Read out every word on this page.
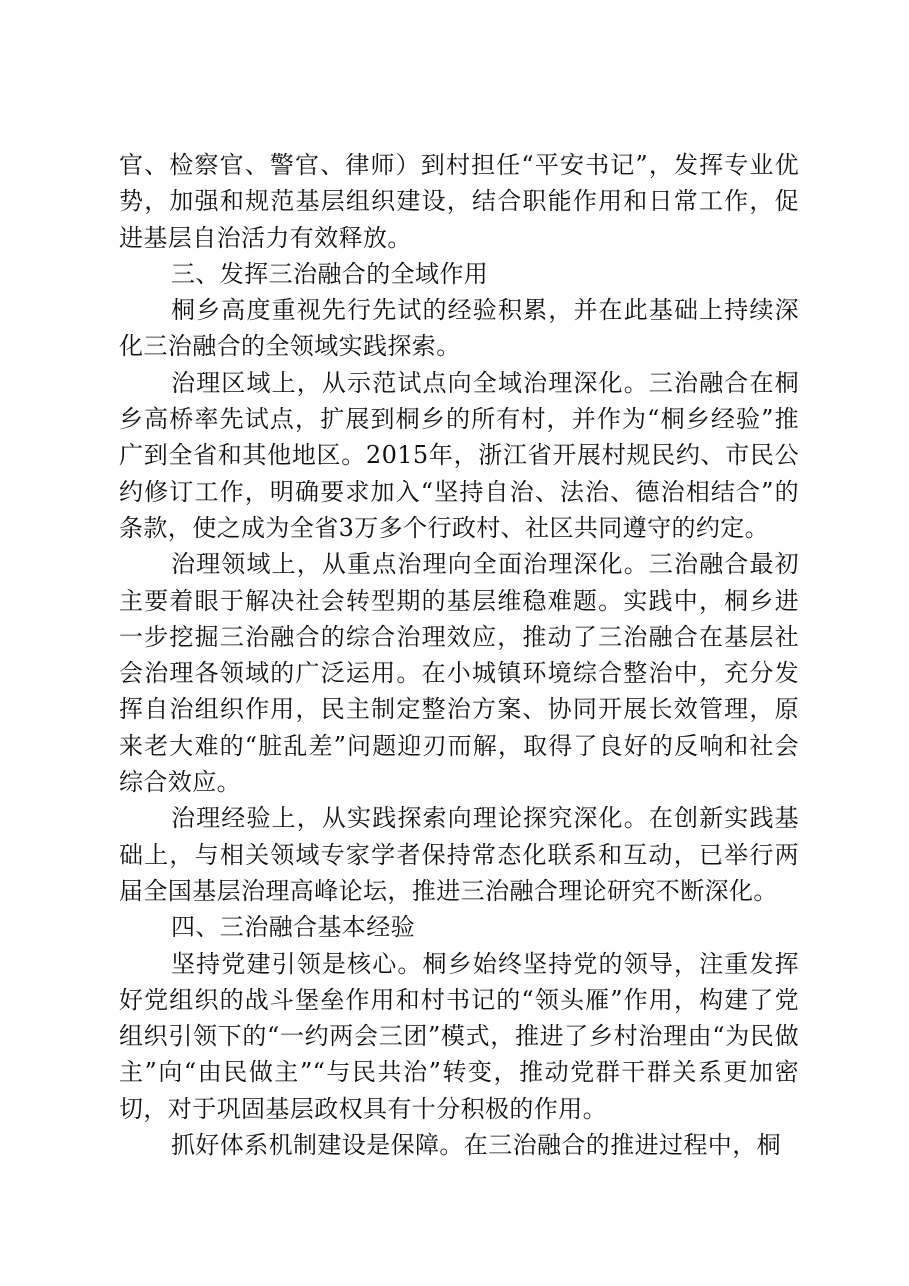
官、检察官、警官、律师）到村担任“平安书记”，发挥专业优势，加强和规范基层组织建设，结合职能作用和日常工作，促进基层自治活力有效释放。

三、发挥三治融合的全域作用

桐乡高度重视先行先试的经验积累，并在此基础上持续深化三治融合的全领域实践探索。

治理区域上，从示范试点向全域治理深化。三治融合在桐乡高桥率先试点，扩展到桐乡的所有村，并作为“桐乡经验”推广到全省和其他地区。2015年，浙江省开展村规民约、市民公约修订工作，明确要求加入“坚持自治、法治、德治相结合”的条款，使之成为全省3万多个行政村、社区共同遵守的约定。

治理领域上，从重点治理向全面治理深化。三治融合最初主要着眼于解决社会转型期的基层维稳难题。实践中，桐乡进一步挖掘三治融合的综合治理效应，推动了三治融合在基层社会治理各领域的广泛运用。在小城镇环境综合整治中，充分发挥自治组织作用，民主制定整治方案、协同开展长效管理，原来老大难的“脏乱差”问题迎刃而解，取得了良好的反响和社会综合效应。

治理经验上，从实践探索向理论探究深化。在创新实践基础上，与相关领域专家学者保持常态化联系和互动，已举行两届全国基层治理高峰论坛，推进三治融合理论研究不断深化。

四、三治融合基本经验

坚持党建引领是核心。桐乡始终坚持党的领导，注重发挥好党组织的战斗堡垒作用和村书记的“领头雁”作用，构建了党组织引领下的“一约两会三团”模式，推进了乡村治理由“为民做主”向“由民做主”“与民共治”转变，推动党群干群关系更加密切，对于巩固基层政权具有十分积极的作用。

抓好体系机制建设是保障。在三治融合的推进过程中，桐
